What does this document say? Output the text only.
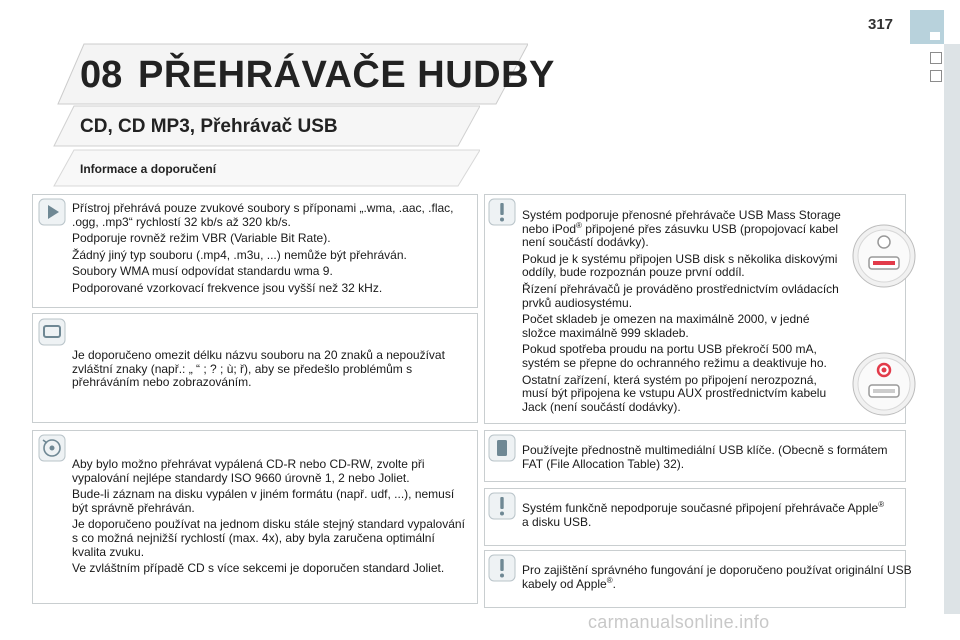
317
08 PŘEHRÁVAČE HUDBY
CD, CD MP3, Přehrávač USB
Informace a doporučení

Přístroj přehrává pouze zvukové soubory s příponami „.wma, .aac, .flac, .ogg, .mp3“ rychlostí 32 kb/s až 320 kb/s.

Podporuje rovněž režim VBR (Variable Bit Rate).

Žádný jiný typ souboru (.mp4, .m3u, ...) nemůže být přehráván.

Soubory WMA musí odpovídat standardu wma 9.

Podporované vzorkovací frekvence jsou vyšší než 32 kHz.

Je doporučeno omezit délku názvu souboru na 20 znaků a nepoužívat zvláštní znaky (např.: „ “ ; ? ; ù; ř), aby se předešlo problémům s přehráváním nebo zobrazováním.

Aby bylo možno přehrávat vypálená CD-R nebo CD-RW, zvolte při vypalování nejlépe standardy ISO 9660 úrovně 1, 2 nebo Joliet.

Bude-li záznam na disku vypálen v jiném formátu (např. udf, ...), nemusí být správně přehráván.

Je doporučeno používat na jednom disku stále stejný standard vypalování s co možná nejnižší rychlostí (max. 4x), aby byla zaručena optimální kvalita zvuku.

Ve zvláštním případě CD s více sekcemi je doporučen standard Joliet.

Systém podporuje přenosné přehrávače USB Mass Storage nebo iPod® připojené přes zásuvku USB (propojovací kabel není součástí dodávky).

Pokud je k systému připojen USB disk s několika diskovými oddíly, bude rozpoznán pouze první oddíl.

Řízení přehrávačů je prováděno prostřednictvím ovládacích prvků audiosystému.

Počet skladeb je omezen na maximálně 2000, v jedné složce maximálně 999 skladeb.

Pokud spotřeba proudu na portu USB překročí 500 mA, systém se přepne do ochranného režimu a deaktivuje ho.

Ostatní zařízení, která systém po připojení nerozpozná, musí být připojena ke vstupu AUX prostřednictvím kabelu Jack (není součástí dodávky).

Používejte přednostně multimediální USB klíče. (Obecně s formátem FAT (File Allocation Table) 32).

Systém funkčně nepodporuje současné připojení přehrávače Apple®
a disku USB.

Pro zajištění správného fungování je doporučeno používat originální USB kabely od Apple®.

carmanualsonline.info
